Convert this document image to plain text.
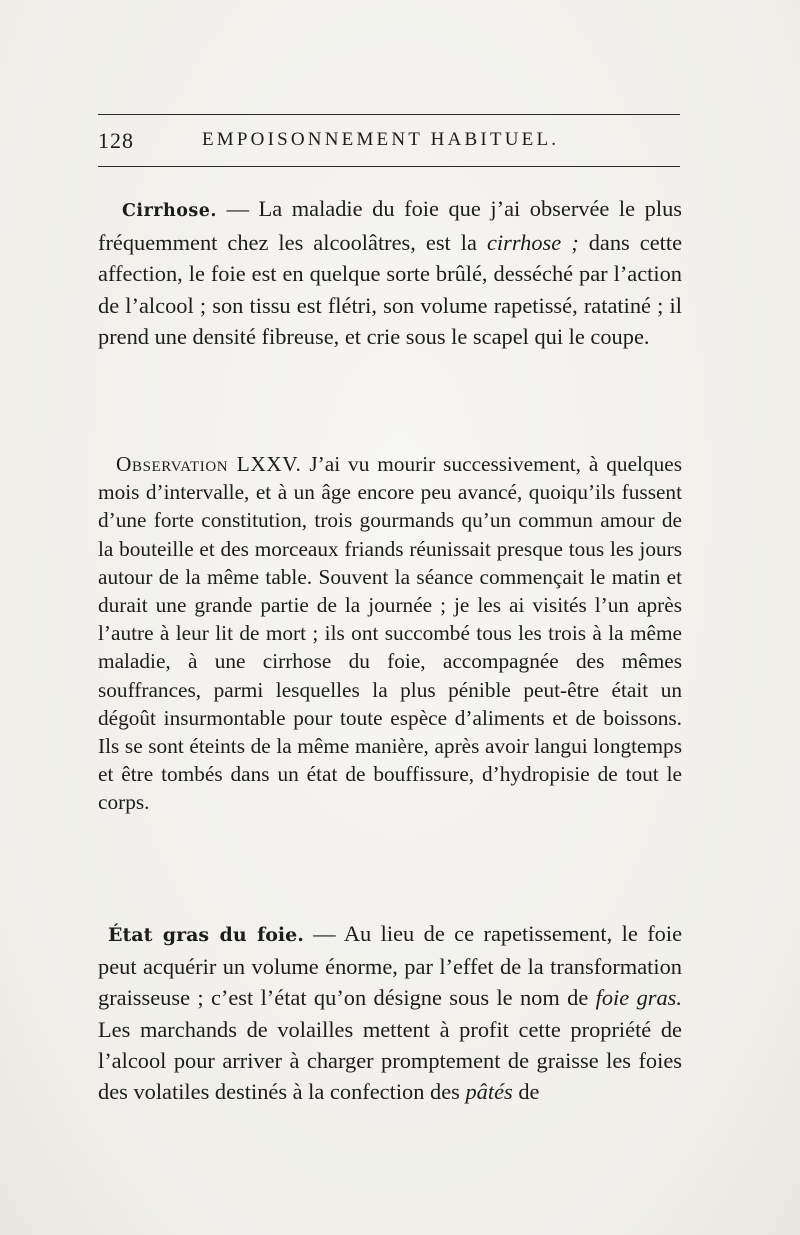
128	EMPOISONNEMENT HABITUEL.

Cirrhose. — La maladie du foie que j’ai observée le plus fréquemment chez les alcoolâtres, est la cirrhose ; dans cette affection, le foie est en quelque sorte brûlé, desséché par l’action de l’alcool ; son tissu est flétri, son volume rapetissé, ratatiné ; il prend une densité fibreuse, et crie sous le scapel qui le coupe.

Observation LXXV. J’ai vu mourir successivement, à quelques mois d’intervalle, et à un âge encore peu avancé, quoiqu’ils fussent d’une forte constitution, trois gourmands qu’un commun amour de la bouteille et des morceaux friands réunissait presque tous les jours autour de la même table. Souvent la séance commençait le matin et durait une grande partie de la journée ; je les ai visités l’un après l’autre à leur lit de mort ; ils ont succombé tous les trois à la même maladie, à une cirrhose du foie, accompagnée des mêmes souffrances, parmi lesquelles la plus pénible peut-être était un dégoût insurmontable pour toute espèce d’aliments et de boissons. Ils se sont éteints de la même manière, après avoir langui longtemps et être tombés dans un état de bouffissure, d’hydropisie de tout le corps.

État gras du foie. — Au lieu de ce rapetissement, le foie peut acquérir un volume énorme, par l’effet de la transformation graisseuse ; c’est l’état qu’on désigne sous le nom de foie gras. Les marchands de volailles mettent à profit cette propriété de l’alcool pour arriver à charger promptement de graisse les foies des volatiles destinés à la confection des pâtés de
